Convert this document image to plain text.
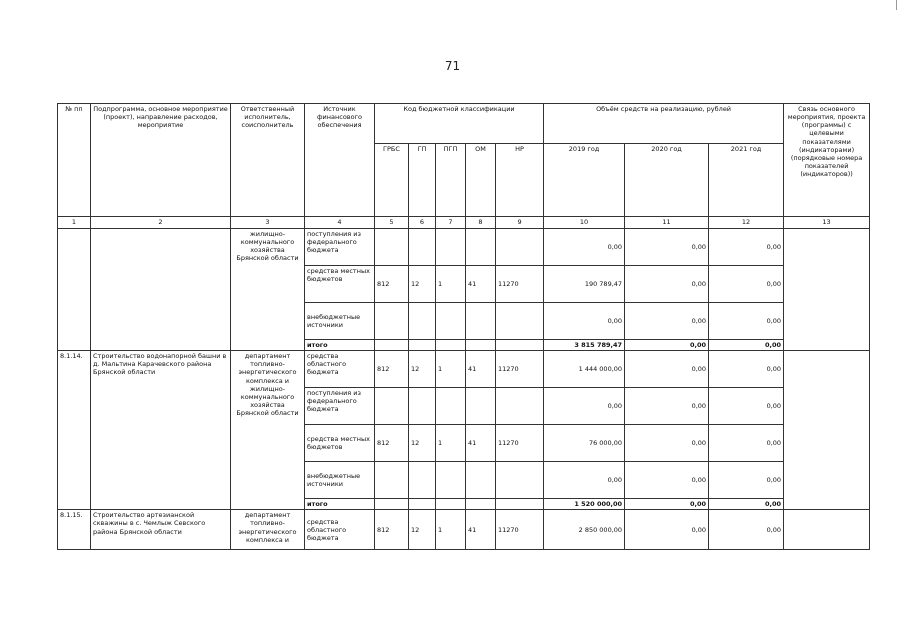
71
№ пп	Подпрограмма, основное мероприятие (проект), направление расходов, мероприятие	Ответственный исполнитель, соисполнитель	Источник финансового обеспечения	Код бюджетной классификации					Объём средств на реализацию, рублей			Связь основного мероприятия, проекта (программы) с целевыми показателями (индикаторами) (порядковые номера показателей (индикаторов))
				ГРБС	ГП	ПГП	ОМ	НР	2019 год	2020 год	2021 год	
1	2	3	4	5	6	7	8	9	10	11	12	13
		жилищно-коммунального хозяйства Брянской области	поступления из федерального бюджета						0,00	0,00	0,00	
			средства местных бюджетов	812	12	1	41	11270	190 789,47	0,00	0,00	
			внебюджетные источники						0,00	0,00	0,00	
			итого						3 815 789,47	0,00	0,00	
8.1.14.	Строительство водонапорной башни в д. Мальтина Карачевского района Брянской области	департамент топливно-энергетического комплекса и жилищно-коммунального хозяйства Брянской области	средства областного бюджета	812	12	1	41	11270	1 444 000,00	0,00	0,00	
			поступления из федерального бюджета						0,00	0,00	0,00	
			средства местных бюджетов	812	12	1	41	11270	76 000,00	0,00	0,00	
			внебюджетные источники						0,00	0,00	0,00	
			итого						1 520 000,00	0,00	0,00	
8.1.15.	Строительство артезианской скважины в с. Чемлыж Севского района Брянской области	департамент топливно-энергетического комплекса и	средства областного бюджета	812	12	1	41	11270	2 850 000,00	0,00	0,00	
